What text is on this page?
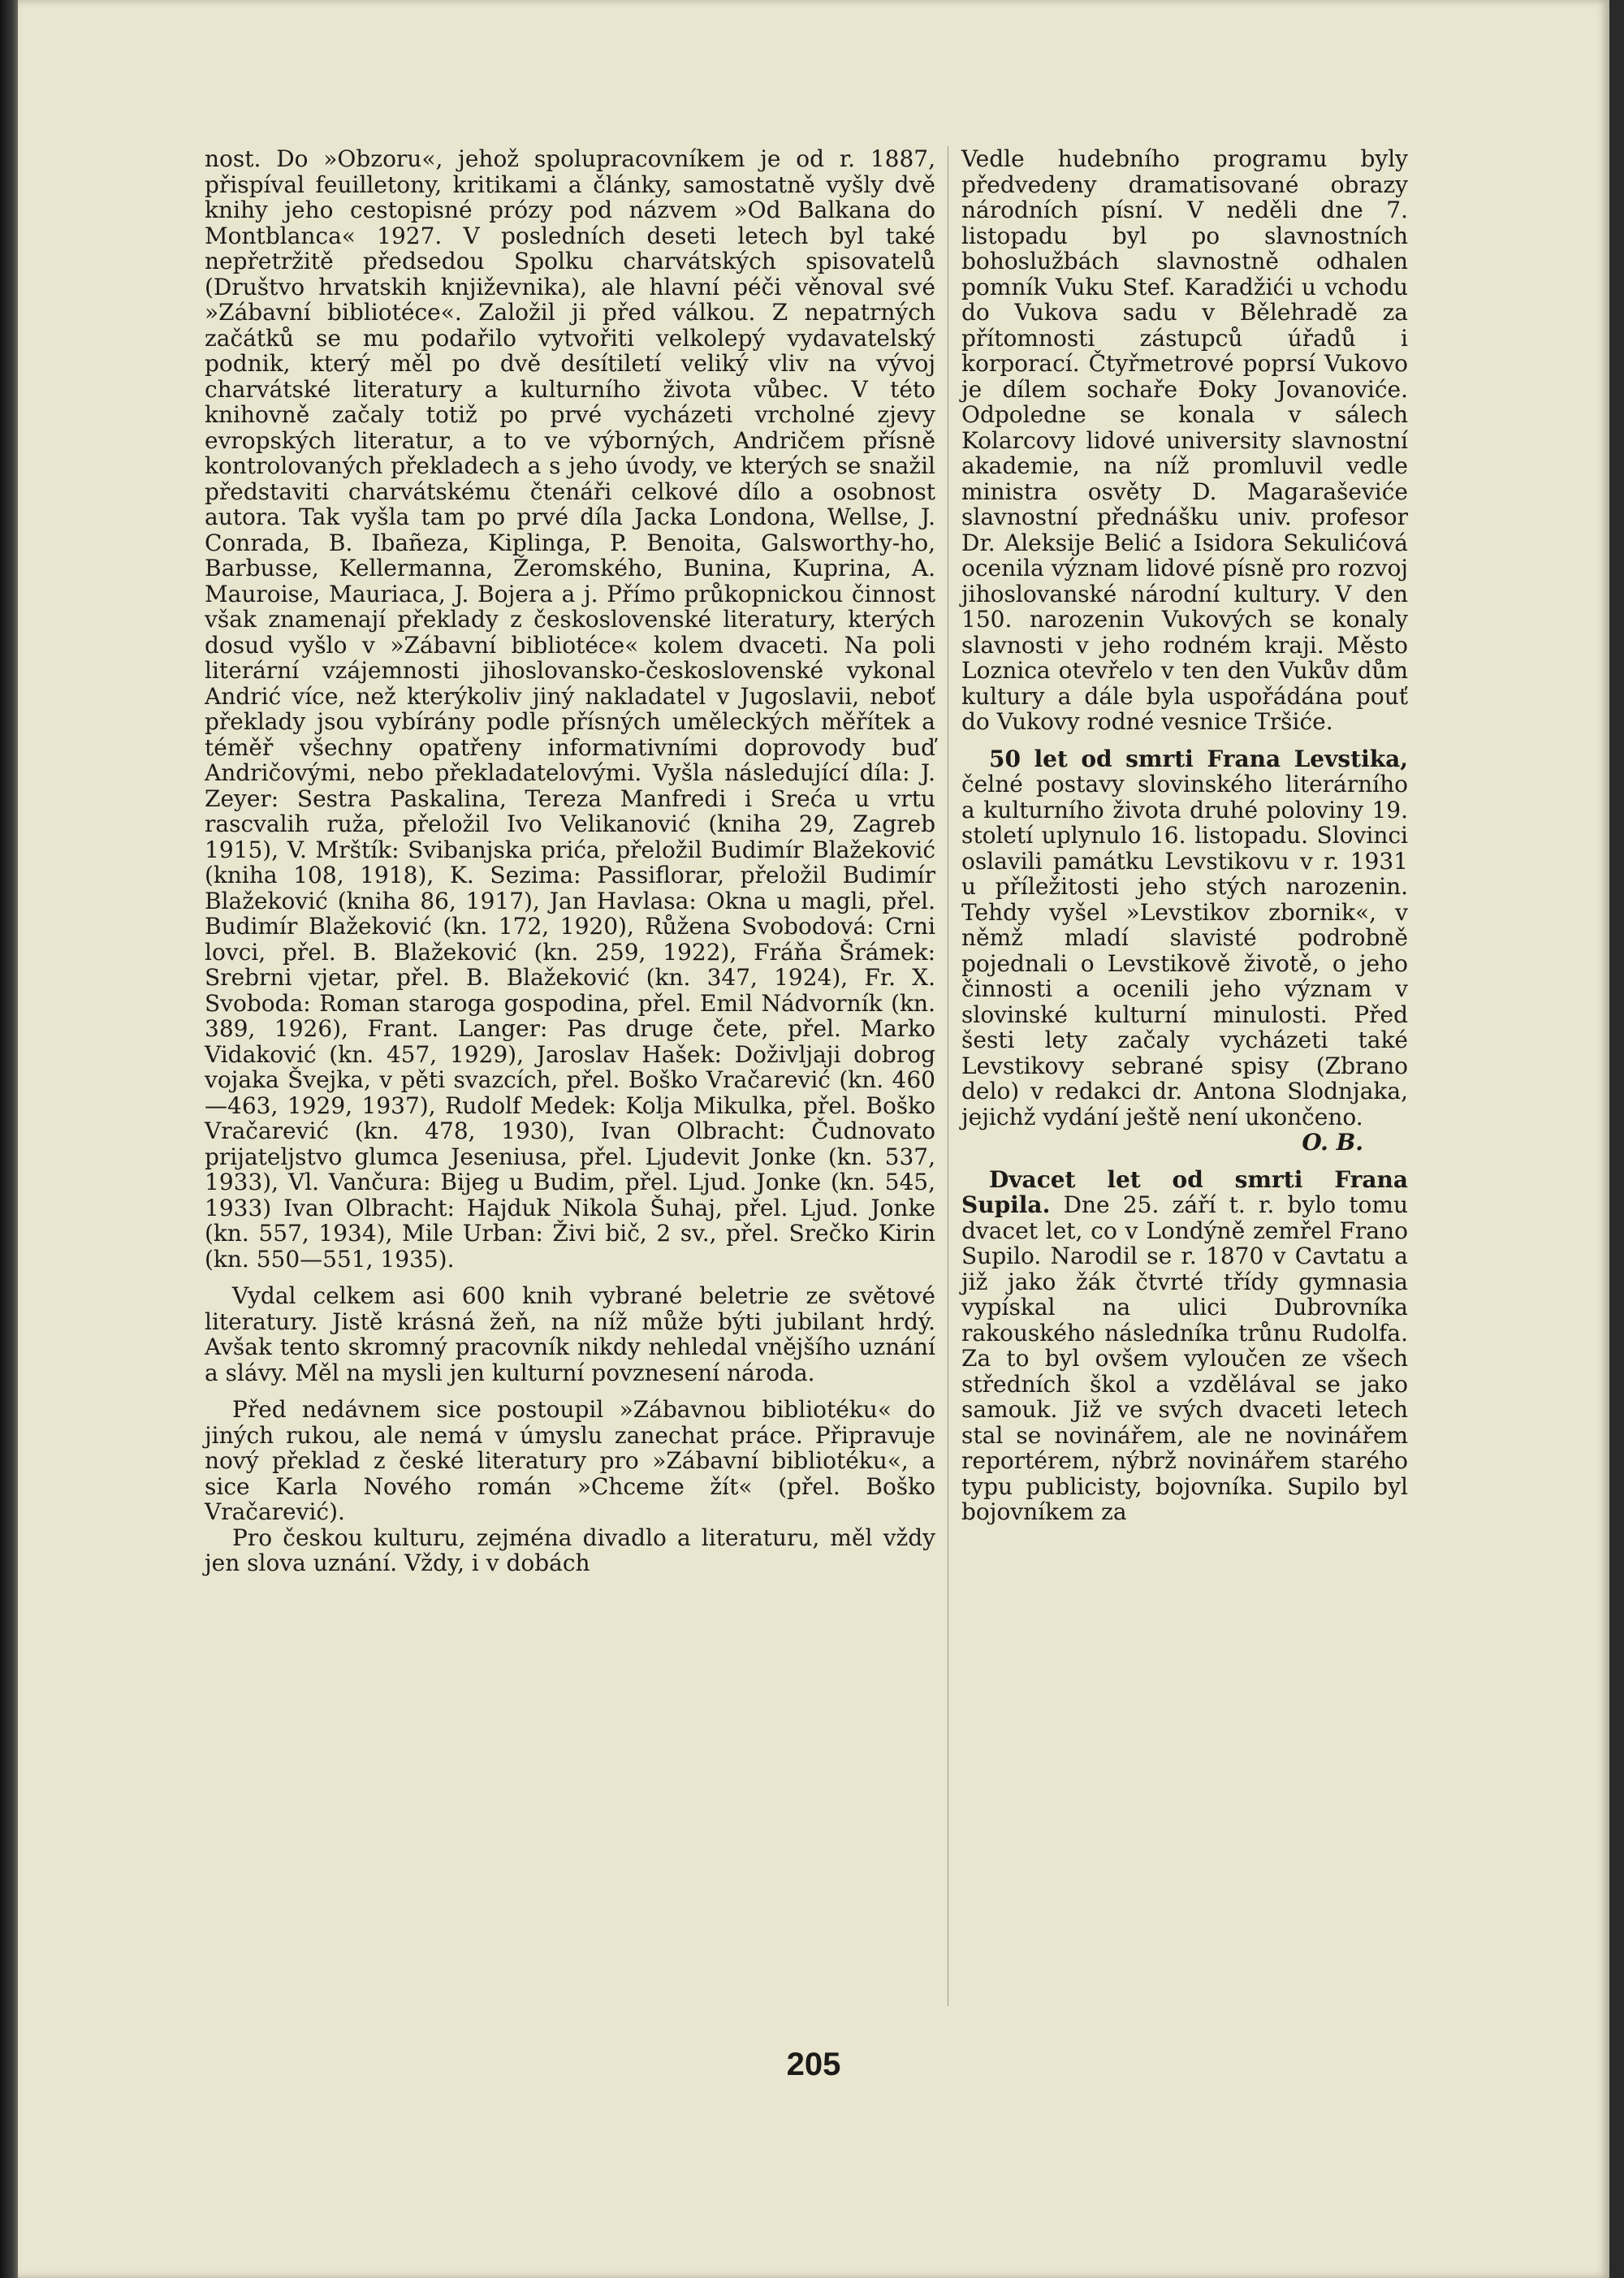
nost. Do »Obzoru«, jehož spolupracovníkem je od r. 1887, přispíval feuilletony, kritikami a články, samostatně vyšly dvě knihy jeho cestopisné prózy pod názvem »Od Balkana do Montblanca« 1927. V posledních deseti letech byl také nepřetržitě předsedou Spolku charvátských spisovatelů (Društvo hrvatskih književnika), ale hlavní péči věnoval své »Zábavní bibliotéce«. Založil ji před válkou. Z nepatrných začátků se mu podařilo vytvořiti velkolepý vydavatelský podnik, který měl po dvě desítiletí veliký vliv na vývoj charvátské literatury a kulturního života vůbec. V této knihovně začaly totiž po prvé vycházeti vrcholné zjevy evropských literatur, a to ve výborných, Andričem přísně kontrolovaných překladech a s jeho úvody, ve kterých se snažil představiti charvátskému čtenáři celkové dílo a osobnost autora. Tak vyšla tam po prvé díla Jacka Londona, Wellse, J. Conrada, B. Ibañeza, Kiplinga, P. Benoita, Galsworthy-ho, Barbusse, Kellermanna, Žeromského, Bunina, Kuprina, A. Mauroise, Mauriaca, J. Bojera a j. Přímo průkopnickou činnost však znamenají překlady z československé literatury, kterých dosud vyšlo v »Zábavní bibliotéce« kolem dvaceti. Na poli literární vzájemnosti jihoslovansko-československé vykonal Andrić více, než kterýkoliv jiný nakladatel v Jugoslavii, neboť překlady jsou vybírány podle přísných uměleckých měřítek a téměř všechny opatřeny informativními doprovody buď Andričovými, nebo překladatelovými. Vyšla následující díla: J. Zeyer: Sestra Paskalina, Tereza Manfredi i Sreća u vrtu rascvalih ruža, přeložil Ivo Velikanović (kniha 29, Zagreb 1915), V. Mrštík: Svibanjska prića, přeložil Budimír Blažeković (kniha 108, 1918), K. Sezima: Passiflorar, přeložil Budimír Blažeković (kniha 86, 1917), Jan Havlasa: Okna u magli, přel. Budimír Blažeković (kn. 172, 1920), Růžena Svobodová: Crni lovci, přel. B. Blažeković (kn. 259, 1922), Fráňa Šrámek: Srebrni vjetar, přel. B. Blažeković (kn. 347, 1924), Fr. X. Svoboda: Roman staroga gospodina, přel. Emil Nádvorník (kn. 389, 1926), Frant. Langer: Pas druge čete, přel. Marko Vidaković (kn. 457, 1929), Jaroslav Hašek: Doživljaji dobrog vojaka Švejka, v pěti svazcích, přel. Boško Vračarević (kn. 460—463, 1929, 1937), Rudolf Medek: Kolja Mikulka, přel. Boško Vračarević (kn. 478, 1930), Ivan Olbracht: Čudnovato prijateljstvo glumca Jeseniusa, přel. Ljudevit Jonke (kn. 537, 1933), Vl. Vančura: Bijeg u Budim, přel. Ljud. Jonke (kn. 545, 1933) Ivan Olbracht: Hajduk Nikola Šuhaj, přel. Ljud. Jonke (kn. 557, 1934), Mile Urban: Živi bič, 2 sv., přel. Srečko Kirin (kn. 550—551, 1935).

Vydal celkem asi 600 knih vybrané beletrie ze světové literatury. Jistě krásná žeň, na níž může býti jubilant hrdý. Avšak tento skromný pracovník nikdy nehledal vnějšího uznání a slávy. Měl na mysli jen kulturní povznesení národa.

Před nedávnem sice postoupil »Zábavnou bibliotéku« do jiných rukou, ale nemá v úmyslu zanechat práce. Připravuje nový překlad z české literatury pro »Zábavní bibliotéku«, a sice Karla Nového román »Chceme žít« (přel. Boško Vračarević).

Pro českou kulturu, zejména divadlo a literaturu, měl vždy jen slova uznání. Vždy, i v dobách

Vedle hudebního programu byly předvedeny dramatisované obrazy národních písní. V neděli dne 7. listopadu byl po slavnostních bohoslužbách slavnostně odhalen pomník Vuku Stef. Karadžići u vchodu do Vukova sadu v Bělehradě za přítomnosti zástupců úřadů i korporací. Čtyřmetrové poprsí Vukovo je dílem sochaře Đoky Jovanoviće. Odpoledne se konala v sálech Kolarcovy lidové university slavnostní akademie, na níž promluvil vedle ministra osvěty D. Magaraševiće slavnostní přednášku univ. profesor Dr. Aleksije Belić a Isidora Sekulićová ocenila význam lidové písně pro rozvoj jihoslovanské národní kultury. V den 150. narozenin Vukových se konaly slavnosti v jeho rodném kraji. Město Loznica otevřelo v ten den Vukův dům kultury a dále byla uspořádána pouť do Vukovy rodné vesnice Tršiće.

50 let od smrti Frana Levstika, čelné postavy slovinského literárního a kulturního života druhé poloviny 19. století uplynulo 16. listopadu. Slovinci oslavili památku Levstikovu v r. 1931 u příležitosti jeho stých narozenin. Tehdy vyšel »Levstikov zbornik«, v němž mladí slavisté podrobně pojednali o Levstikově životě, o jeho činnosti a ocenili jeho význam v slovinské kulturní minulosti. Před šesti lety začaly vycházeti také Levstikovy sebrané spisy (Zbrano delo) v redakci dr. Antona Slodnjaka, jejichž vydání ještě není ukončeno.

O. B.

Dvacet let od smrti Frana Supila. Dne 25. září t. r. bylo tomu dvacet let, co v Londýně zemřel Frano Supilo. Narodil se r. 1870 v Cavtatu a již jako žák čtvrté třídy gymnasia vypískal na ulici Dubrovníka rakouského následníka trůnu Rudolfa. Za to byl ovšem vyloučen ze všech středních škol a vzdělával se jako samouk. Již ve svých dvaceti letech stal se novinářem, ale ne novinářem reportérem, nýbrž novinářem starého typu publicisty, bojovníka. Supilo byl bojovníkem za

205
